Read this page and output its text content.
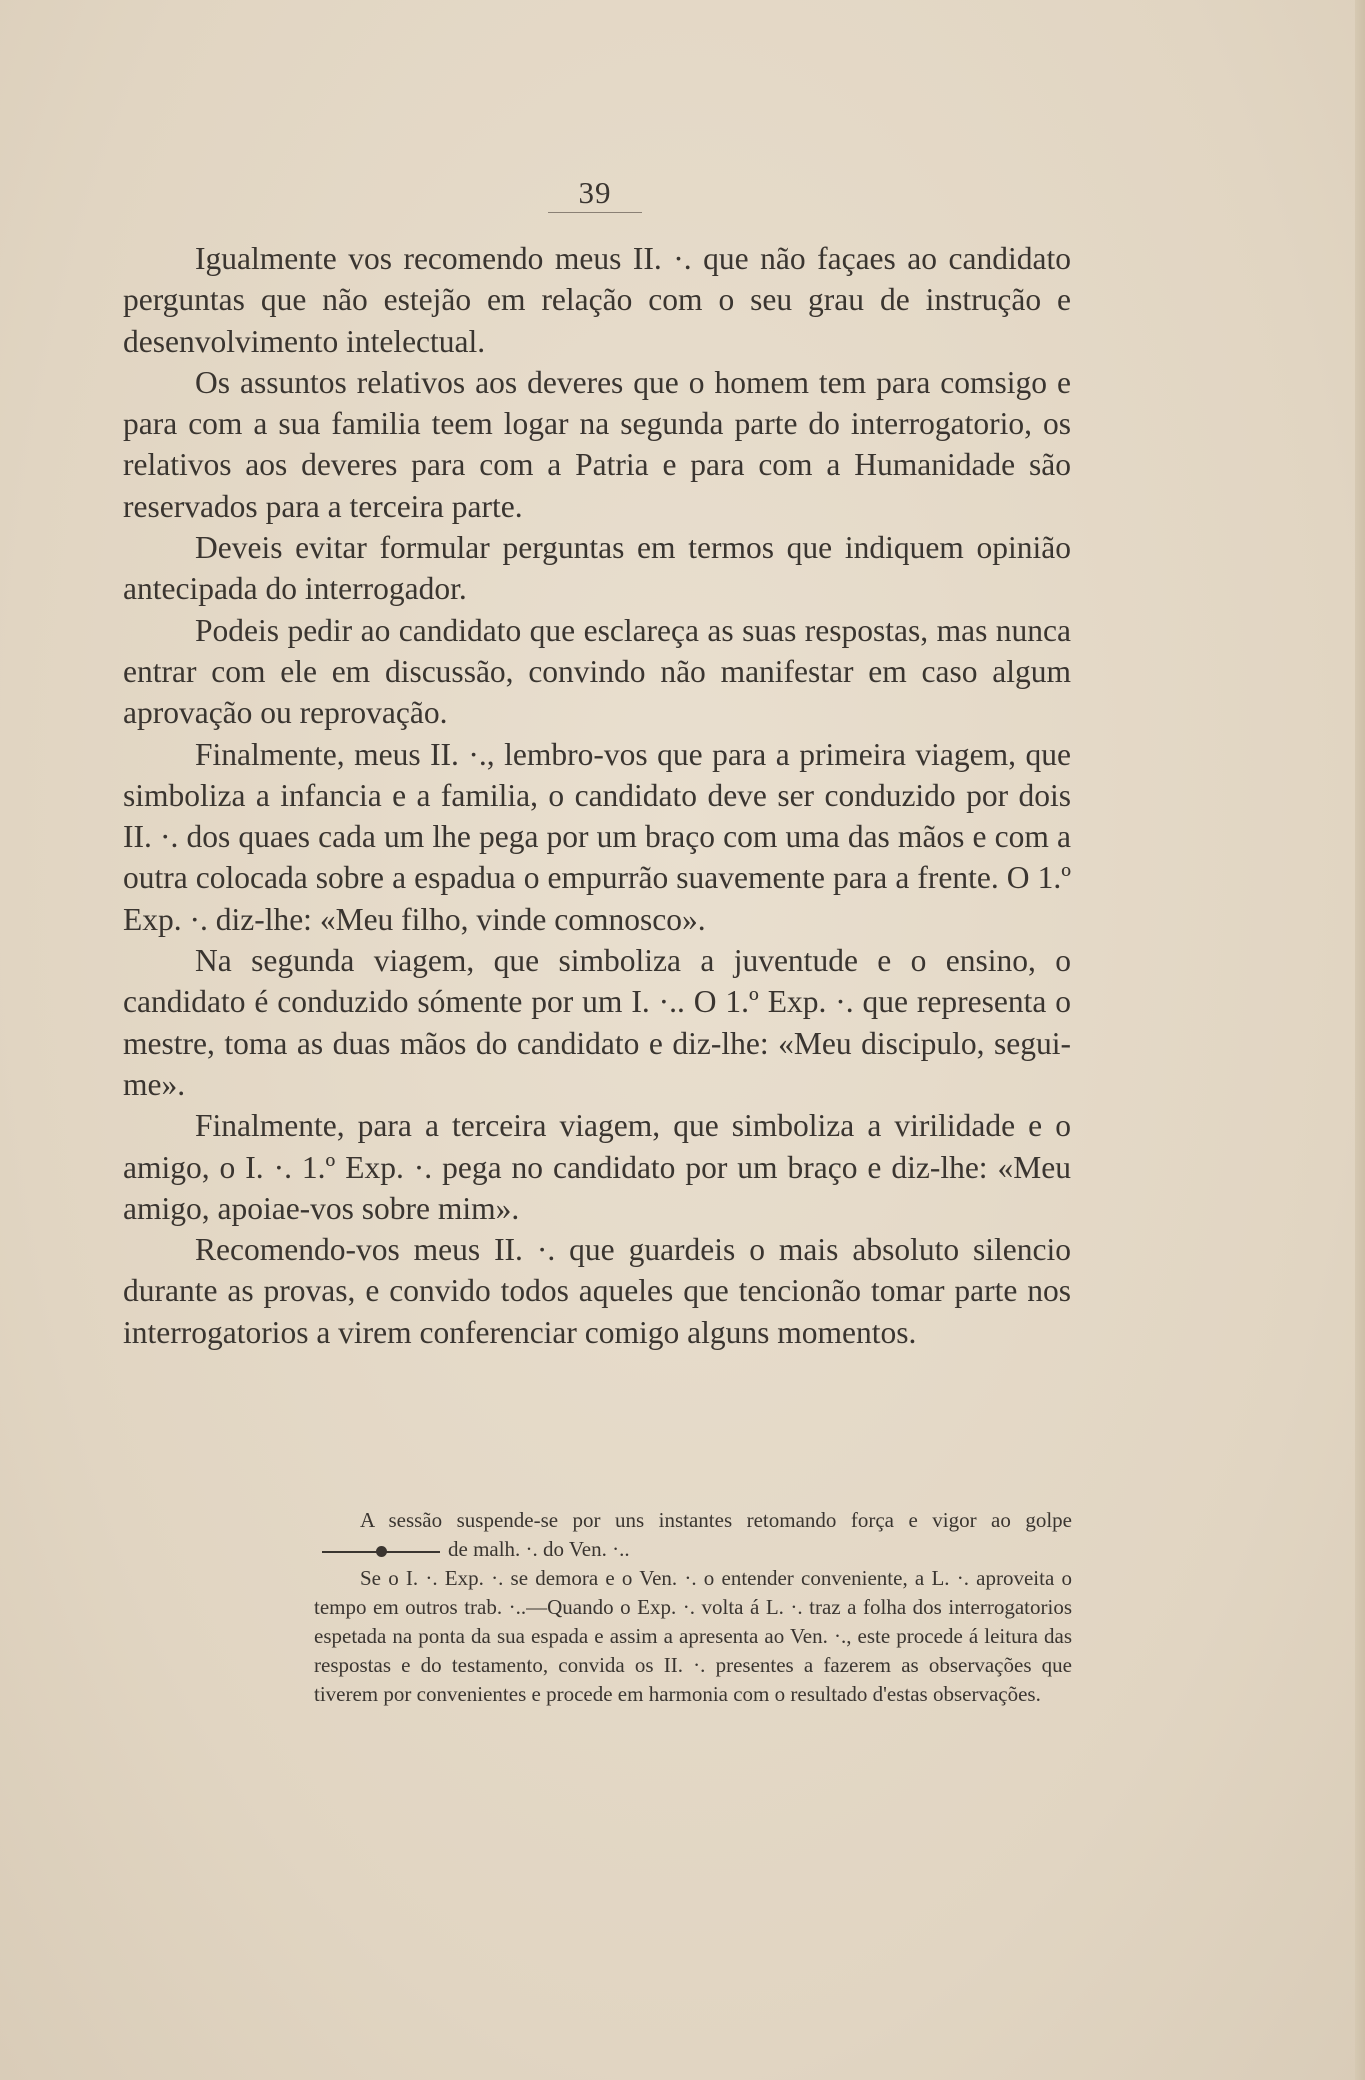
39

Igualmente vos recomendo meus II. ·. que não façaes ao candidato perguntas que não estejão em relação com o seu grau de instrução e desenvolvimento intelectual.

Os assuntos relativos aos deveres que o homem tem para comsigo e para com a sua familia teem logar na segunda parte do interrogatorio, os relativos aos deveres para com a Patria e para com a Humanidade são reservados para a terceira parte.

Deveis evitar formular perguntas em termos que indiquem opinião antecipada do interrogador.

Podeis pedir ao candidato que esclareça as suas respostas, mas nunca entrar com ele em discussão, convindo não manifestar em caso algum aprovação ou reprovação.

Finalmente, meus II. ·., lembro-vos que para a primeira viagem, que simboliza a infancia e a familia, o candidato deve ser conduzido por dois II. ·. dos quaes cada um lhe pega por um braço com uma das mãos e com a outra colocada sobre a espadua o empurrão suavemente para a frente. O 1.º Exp. ·. diz-lhe: «Meu filho, vinde comnosco».

Na segunda viagem, que simboliza a juventude e o ensino, o candidato é conduzido sómente por um I. ·.. O 1.º Exp. ·. que representa o mestre, toma as duas mãos do candidato e diz-lhe: «Meu discipulo, segui-me».

Finalmente, para a terceira viagem, que simboliza a virilidade e o amigo, o I. ·. 1.º Exp. ·. pega no candidato por um braço e diz-lhe: «Meu amigo, apoiae-vos sobre mim».

Recomendo-vos meus II. ·. que guardeis o mais absoluto silencio durante as provas, e convido todos aqueles que tencionão tomar parte nos interrogatorios a virem conferenciar comigo alguns momentos.

A sessão suspende-se por uns instantes retomando força e vigor ao golpede malh. ·. do Ven. ·..

Se o I. ·. Exp. ·. se demora e o Ven. ·. o entender conveniente, a L. ·. aproveita o tempo em outros trab. ·..—Quando o Exp. ·. volta á L. ·. traz a folha dos interrogatorios espetada na ponta da sua espada e assim a apresenta ao Ven. ·., este procede á leitura das respostas e do testamento, convida os II. ·. presentes a fazerem as observações que tiverem por convenientes e procede em harmonia com o resultado d'estas observações.
